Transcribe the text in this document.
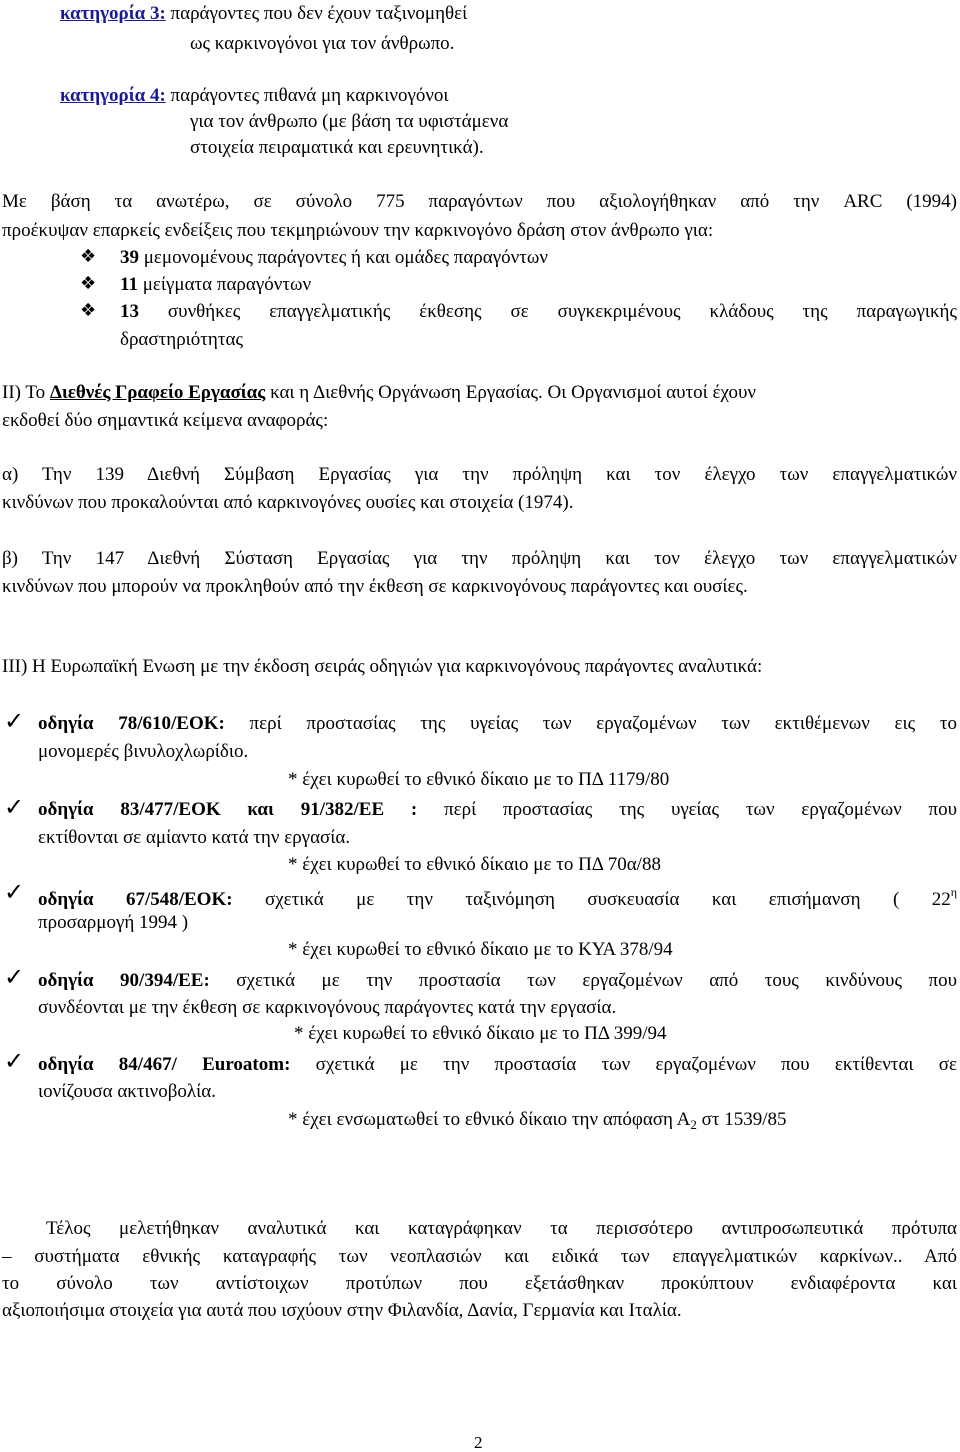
κατηγορία 3: παράγοντες που δεν έχουν ταξινομηθεί
ως καρκινογόνοι για τον άνθρωπο.
κατηγορία 4: παράγοντες πιθανά μη καρκινογόνοι
για τον άνθρωπο (με βάση τα υφιστάμενα
στοιχεία πειραματικά και ερευνητικά).
Με βάση τα ανωτέρω, σε σύνολο 775 παραγόντων που αξιολογήθηκαν από την ARC (1994)
προέκυψαν επαρκείς ενδείξεις που τεκμηριώνουν την καρκινογόνο δράση στον άνθρωπο για:
❖ 39 μεμονομένους παράγοντες ή και ομάδες παραγόντων
❖ 11 μείγματα παραγόντων
❖ 13 συνθήκες επαγγελματικής έκθεσης σε συγκεκριμένους κλάδους της παραγωγικής
δραστηριότητας
ΙΙ) Το Διεθνές Γραφείο Εργασίας και η Διεθνής Οργάνωση Εργασίας. Οι Οργανισμοί αυτοί έχουν
εκδοθεί δύο σημαντικά κείμενα αναφοράς:
α) Την 139 Διεθνή Σύμβαση Εργασίας για την πρόληψη και τον έλεγχο των επαγγελματικών
κινδύνων που προκαλούνται από καρκινογόνες ουσίες και στοιχεία (1974).
β) Την 147 Διεθνή Σύσταση Εργασίας για την πρόληψη και τον έλεγχο των επαγγελματικών
κινδύνων που μπορούν να προκληθούν από την έκθεση σε καρκινογόνους παράγοντες και ουσίες.
ΙΙΙ) Η Ευρωπαϊκή Ενωση με την έκδοση σειράς οδηγιών για καρκινογόνους παράγοντες αναλυτικά:
✓ οδηγία 78/610/ΕΟΚ: περί προστασίας της υγείας των εργαζομένων των εκτιθέμενων εις το
μονομερές βινυλοχλωρίδιο.
* έχει κυρωθεί το εθνικό δίκαιο με το ΠΔ 1179/80
✓ οδηγία 83/477/ΕΟΚ και 91/382/ΕΕ : περί προστασίας της υγείας των εργαζομένων που
εκτίθονται σε αμίαντο κατά την εργασία.
* έχει κυρωθεί το εθνικό δίκαιο με το ΠΔ 70α/88
✓ οδηγία 67/548/ΕΟΚ: σχετικά με την ταξινόμηση συσκευασία και επισήμανση ( $22^\eta$
προσαρμογή 1994 )
* έχει κυρωθεί το εθνικό δίκαιο με το ΚΥΑ 378/94
✓ οδηγία 90/394/ΕΕ: σχετικά με την προστασία των εργαζομένων από τους κινδύνους που
συνδέονται με την έκθεση σε καρκινογόνους παράγοντες κατά την εργασία.
* έχει κυρωθεί το εθνικό δίκαιο με το ΠΔ 399/94
✓ οδηγία 84/467/ Euroatom: σχετικά με την προστασία των εργαζομένων που εκτίθενται σε
ιονίζουσα ακτινοβολία.
* έχει ενσωματωθεί το εθνικό δίκαιο την απόφαση $A_2$ στ 1539/85
Τέλος μελετήθηκαν αναλυτικά και καταγράφηκαν τα περισσότερο αντιπροσωπευτικά πρότυπα
– συστήματα εθνικής καταγραφής των νεοπλασιών και ειδικά των επαγγελματικών καρκίνων.. Από
το σύνολο των αντίστοιχων προτύπων που εξετάσθηκαν προκύπτουν ενδιαφέροντα και
αξιοποιήσιμα στοιχεία για αυτά που ισχύουν στην Φιλανδία, Δανία, Γερμανία και Ιταλία.
2
